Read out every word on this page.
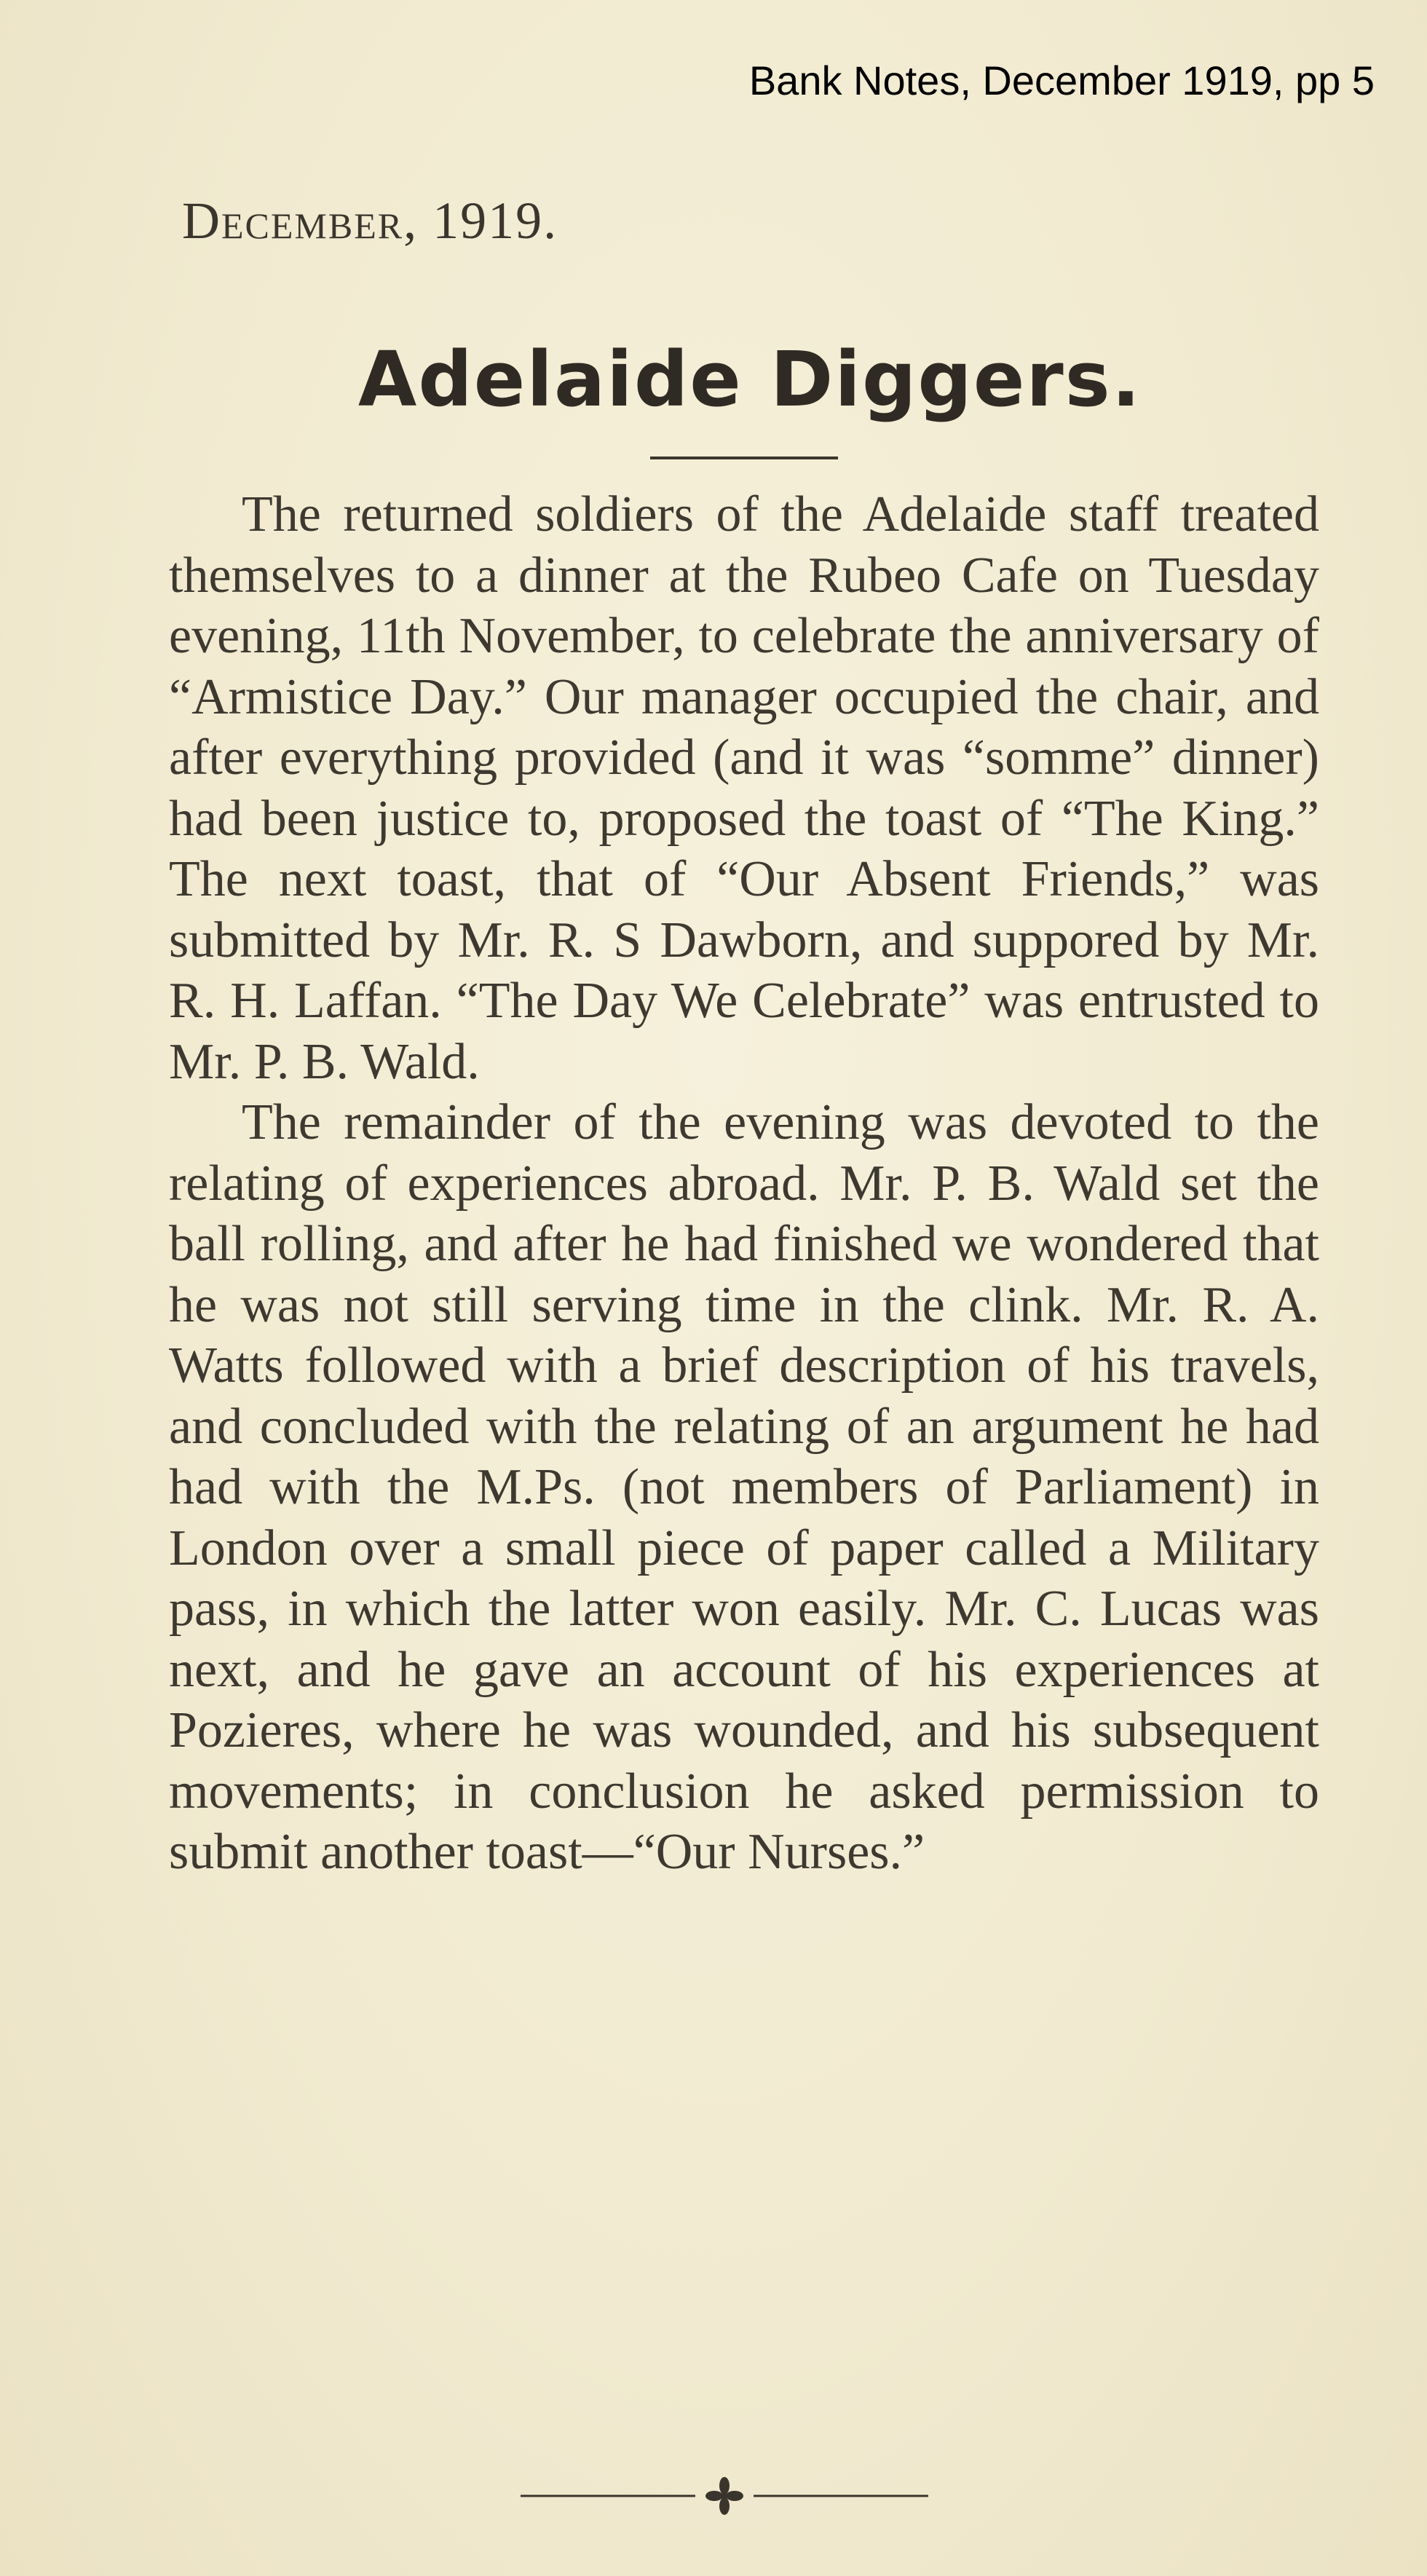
Bank Notes, December 1919, pp 5
December, 1919.
Adelaide Diggers.

The returned soldiers of the Adelaide staff treated themselves to a dinner at the Rubeo Cafe on Tuesday evening, 11th November, to celebrate the anniversary of “Armistice Day.” Our manager occupied the chair, and after everything provided (and it was “somme” dinner) had been justice to, proposed the toast of “The King.” The next toast, that of “Our Absent Friends,” was submitted by Mr. R. S Dawborn, and suppored by Mr. R. H. Laffan. “The Day We Celebrate” was entrusted to Mr. P. B. Wald.

The remainder of the evening was devoted to the relating of experiences abroad. Mr. P. B. Wald set the ball rolling, and after he had finished we wondered that he was not still serving time in the clink. Mr. R. A. Watts followed with a brief description of his travels, and concluded with the relating of an argument he had had with the M.Ps. (not members of Parliament) in London over a small piece of paper called a Military pass, in which the latter won easily. Mr. C. Lucas was next, and he gave an account of his experiences at Pozieres, where he was wounded, and his subsequent movements; in conclusion he asked permission to submit another toast—“Our Nurses.”
